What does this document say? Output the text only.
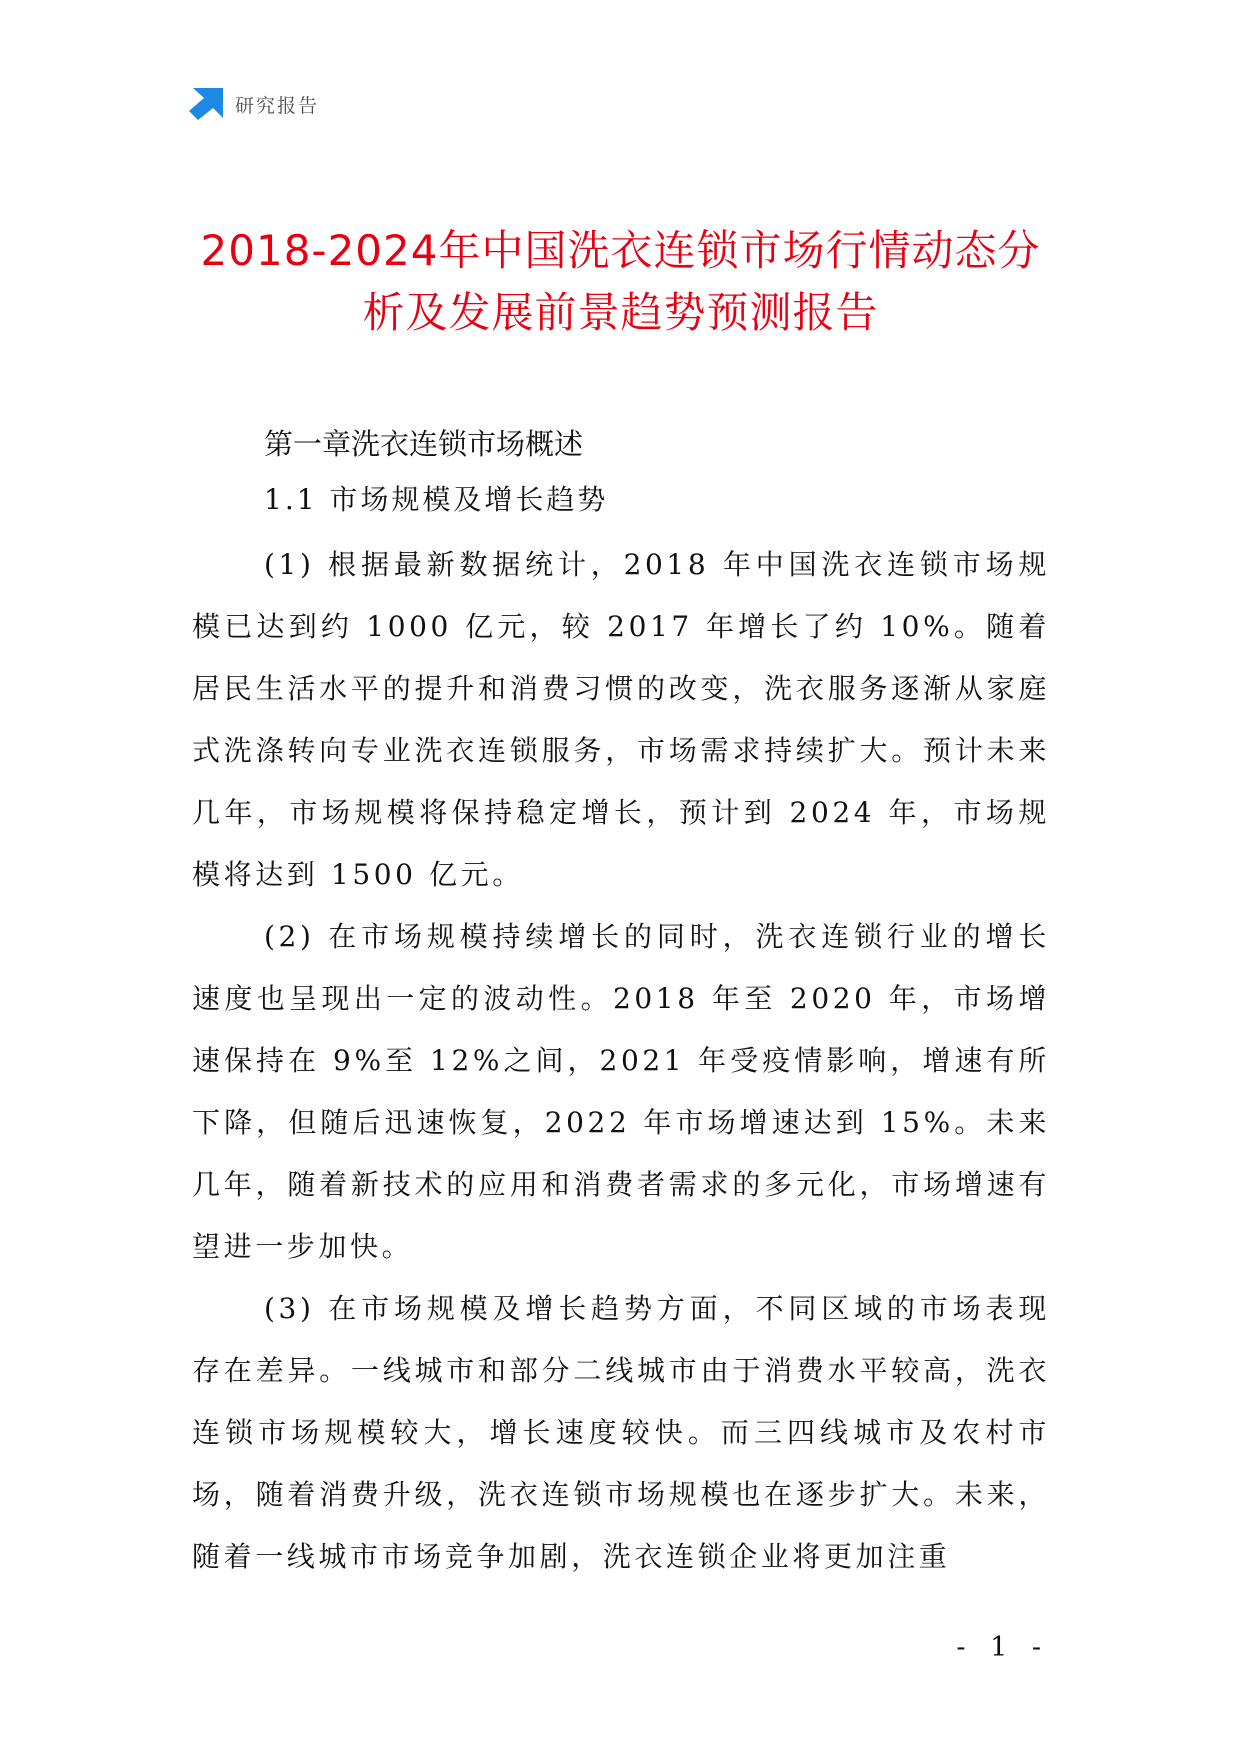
研究报告
2018-2024年中国洗衣连锁市场行情动态分
析及发展前景趋势预测报告
第一章洗衣连锁市场概述
1.1 市场规模及增长趋势

(1) 根据最新数据统计，2018 年中国洗衣连锁市场规模已达到约 1000 亿元，较 2017 年增长了约 10%。随着居民生活水平的提升和消费习惯的改变，洗衣服务逐渐从家庭式洗涤转向专业洗衣连锁服务，市场需求持续扩大。预计未来几年，市场规模将保持稳定增长，预计到 2024 年，市场规模将达到 1500 亿元。

(2) 在市场规模持续增长的同时，洗衣连锁行业的增长速度也呈现出一定的波动性。2018 年至 2020 年，市场增速保持在 9%至 12%之间，2021 年受疫情影响，增速有所下降，但随后迅速恢复，2022 年市场增速达到 15%。未来几年，随着新技术的应用和消费者需求的多元化，市场增速有望进一步加快。

(3) 在市场规模及增长趋势方面，不同区域的市场表现存在差异。一线城市和部分二线城市由于消费水平较高，洗衣连锁市场规模较大，增长速度较快。而三四线城市及农村市场，随着消费升级，洗衣连锁市场规模也在逐步扩大。未来，随着一线城市市场竞争加剧，洗衣连锁企业将更加注重

- 1 -
